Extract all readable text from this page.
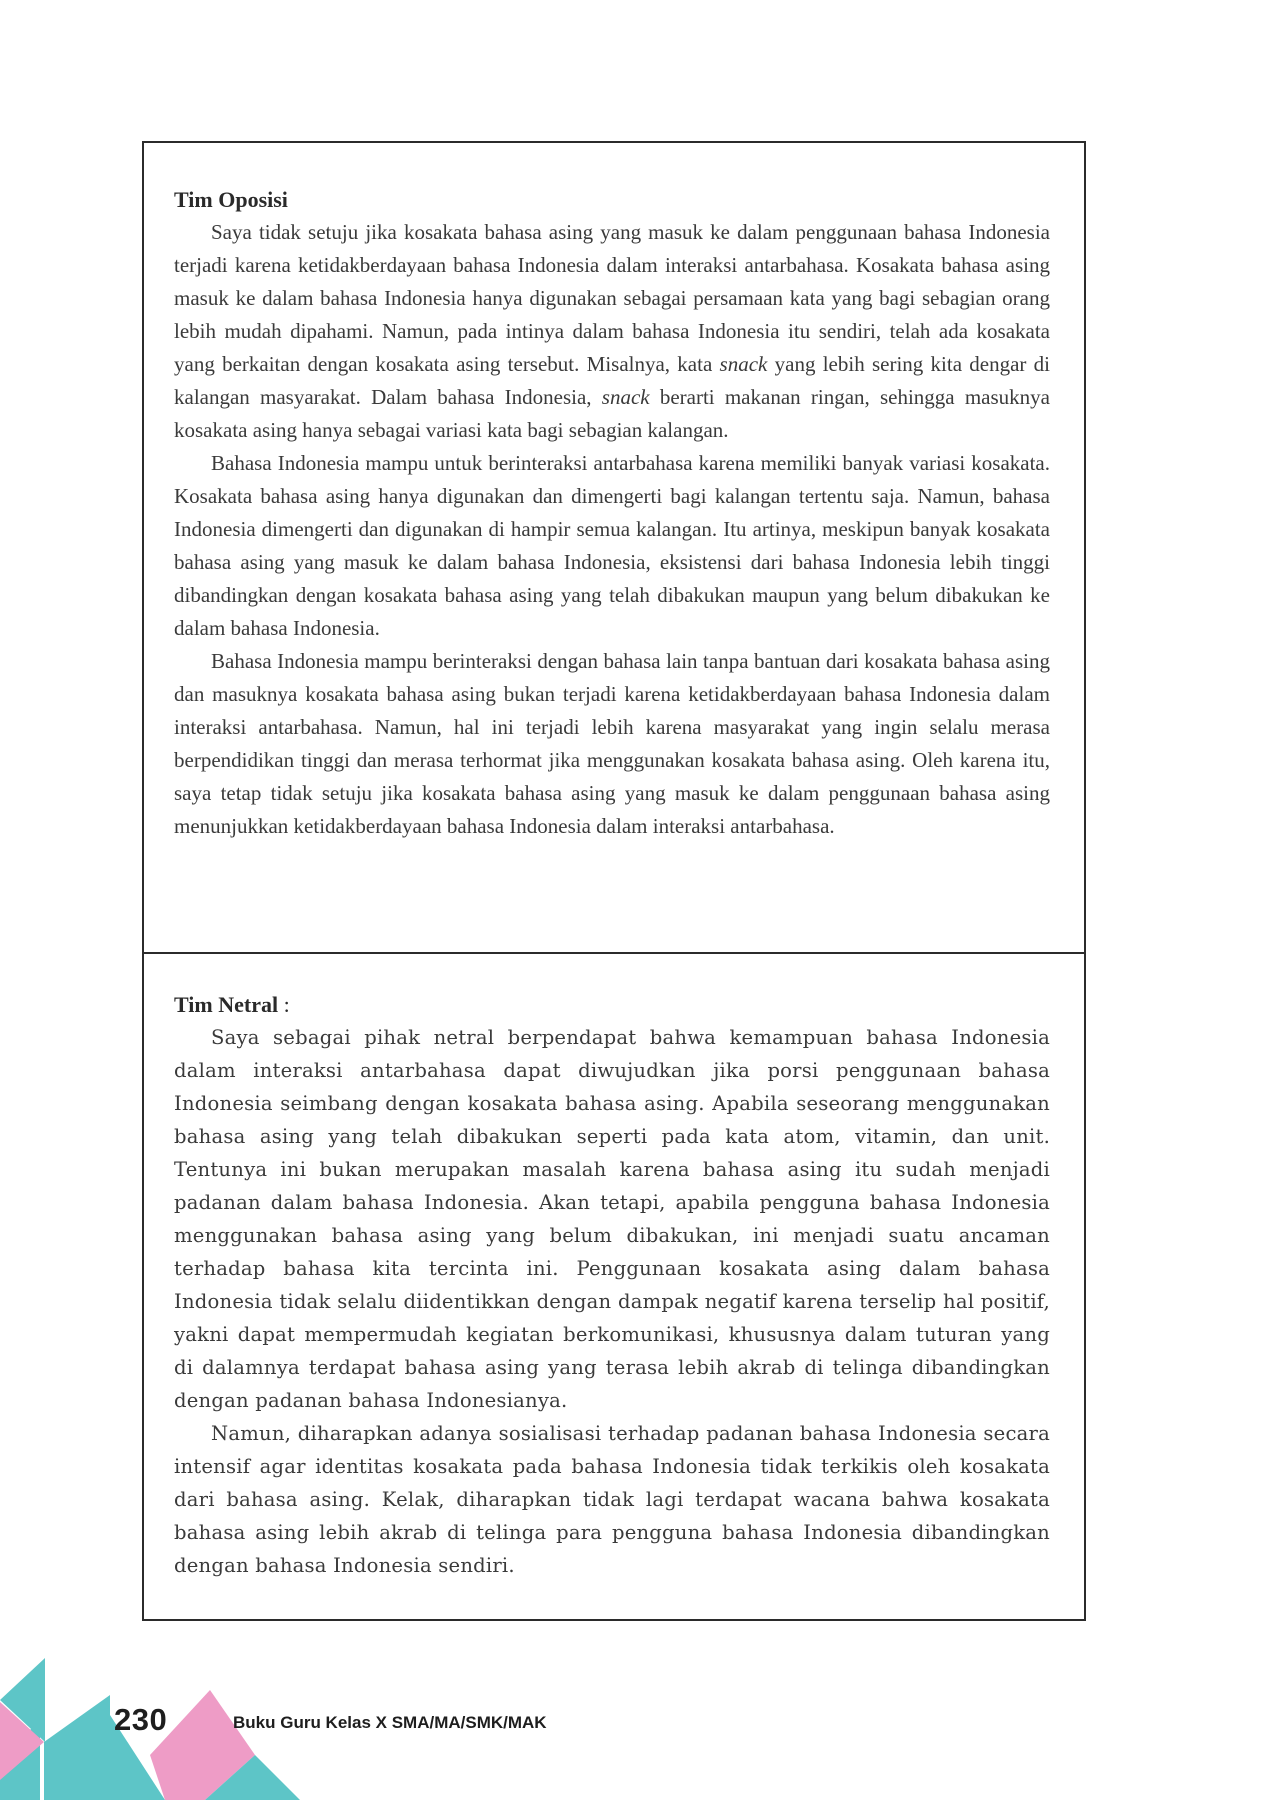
Tim Oposisi

Saya tidak setuju jika kosakata bahasa asing yang masuk ke dalam penggunaan bahasa Indonesia terjadi karena ketidakberdayaan bahasa Indonesia dalam interaksi antarbahasa. Kosakata bahasa asing masuk ke dalam bahasa Indonesia hanya digunakan sebagai persamaan kata yang bagi sebagian orang lebih mudah dipahami. Namun, pada intinya dalam bahasa Indonesia itu sendiri, telah ada kosakata yang berkaitan dengan kosakata asing tersebut. Misalnya, kata snack yang lebih sering kita dengar di kalangan masyarakat. Dalam bahasa Indonesia, snack berarti makanan ringan, sehingga masuknya kosakata asing hanya sebagai variasi kata bagi sebagian kalangan.

Bahasa Indonesia mampu untuk berinteraksi antarbahasa karena memiliki banyak variasi kosakata. Kosakata bahasa asing hanya digunakan dan dimengerti bagi kalangan tertentu saja. Namun, bahasa Indonesia dimengerti dan digunakan di hampir semua kalangan. Itu artinya, meskipun banyak kosakata bahasa asing yang masuk ke dalam bahasa Indonesia, eksistensi dari bahasa Indonesia lebih tinggi dibandingkan dengan kosakata bahasa asing yang telah dibakukan maupun yang belum dibakukan ke dalam bahasa Indonesia.

Bahasa Indonesia mampu berinteraksi dengan bahasa lain tanpa bantuan dari kosakata bahasa asing dan masuknya kosakata bahasa asing bukan terjadi karena ketidakberdayaan bahasa Indonesia dalam interaksi antarbahasa. Namun, hal ini terjadi lebih karena masyarakat yang ingin selalu merasa berpendidikan tinggi dan merasa terhormat jika menggunakan kosakata bahasa asing. Oleh karena itu, saya tetap tidak setuju jika kosakata bahasa asing yang masuk ke dalam penggunaan bahasa asing menunjukkan ketidakberdayaan bahasa Indonesia dalam interaksi antarbahasa.

Tim Netral :

Saya sebagai pihak netral berpendapat bahwa kemampuan bahasa Indonesia dalam interaksi antarbahasa dapat diwujudkan jika porsi penggunaan bahasa Indonesia seimbang dengan kosakata bahasa asing. Apabila seseorang menggunakan bahasa asing yang telah dibakukan seperti pada kata atom, vitamin, dan unit. Tentunya ini bukan merupakan masalah karena bahasa asing itu sudah menjadi padanan dalam bahasa Indonesia. Akan tetapi, apabila pengguna bahasa Indonesia menggunakan bahasa asing yang belum dibakukan, ini menjadi suatu ancaman terhadap bahasa kita tercinta ini. Penggunaan kosakata asing dalam bahasa Indonesia tidak selalu diidentikkan dengan dampak negatif karena terselip hal positif, yakni dapat mempermudah kegiatan berkomunikasi, khususnya dalam tuturan yang di dalamnya terdapat bahasa asing yang terasa lebih akrab di telinga dibandingkan dengan padanan bahasa Indonesianya.

Namun, diharapkan adanya sosialisasi terhadap padanan bahasa Indonesia secara intensif agar identitas kosakata pada bahasa Indonesia tidak terkikis oleh kosakata dari bahasa asing. Kelak, diharapkan tidak lagi terdapat wacana bahwa kosakata bahasa asing lebih akrab di telinga para pengguna bahasa Indonesia dibandingkan dengan bahasa Indonesia sendiri.

230	Buku Guru Kelas X SMA/MA/SMK/MAK
